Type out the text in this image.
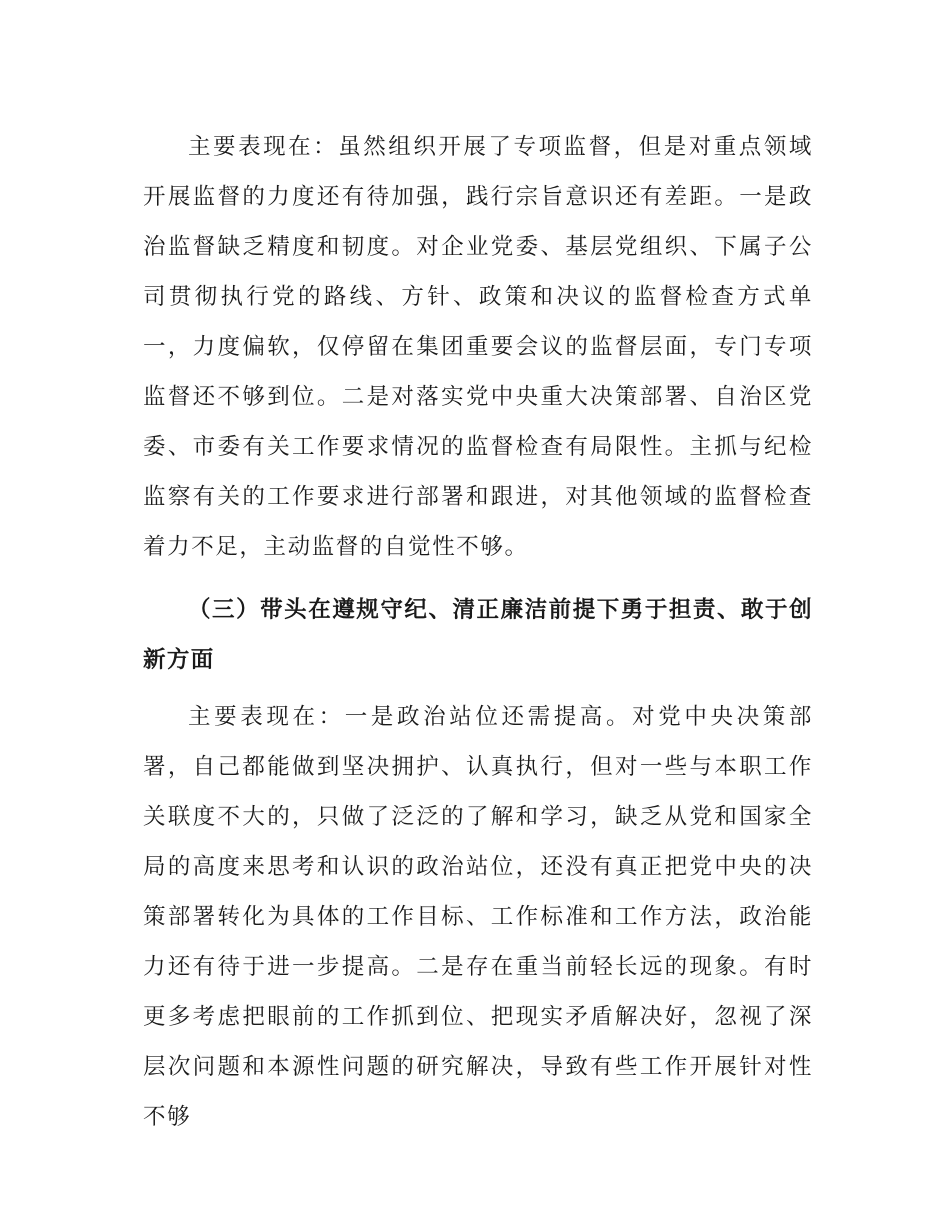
主要表现在：虽然组织开展了专项监督，但是对重点领域开展监督的力度还有待加强，践行宗旨意识还有差距。一是政治监督缺乏精度和韧度。对企业党委、基层党组织、下属子公司贯彻执行党的路线、方针、政策和决议的监督检查方式单一，力度偏软，仅停留在集团重要会议的监督层面，专门专项监督还不够到位。二是对落实党中央重大决策部署、自治区党委、市委有关工作要求情况的监督检查有局限性。主抓与纪检监察有关的工作要求进行部署和跟进，对其他领域的监督检查着力不足，主动监督的自觉性不够。

（三）带头在遵规守纪、清正廉洁前提下勇于担责、敢于创新方面

主要表现在：一是政治站位还需提高。对党中央决策部署，自己都能做到坚决拥护、认真执行，但对一些与本职工作关联度不大的，只做了泛泛的了解和学习，缺乏从党和国家全局的高度来思考和认识的政治站位，还没有真正把党中央的决策部署转化为具体的工作目标、工作标准和工作方法，政治能力还有待于进一步提高。二是存在重当前轻长远的现象。有时更多考虑把眼前的工作抓到位、把现实矛盾解决好，忽视了深层次问题和本源性问题的研究解决，导致有些工作开展针对性不够
